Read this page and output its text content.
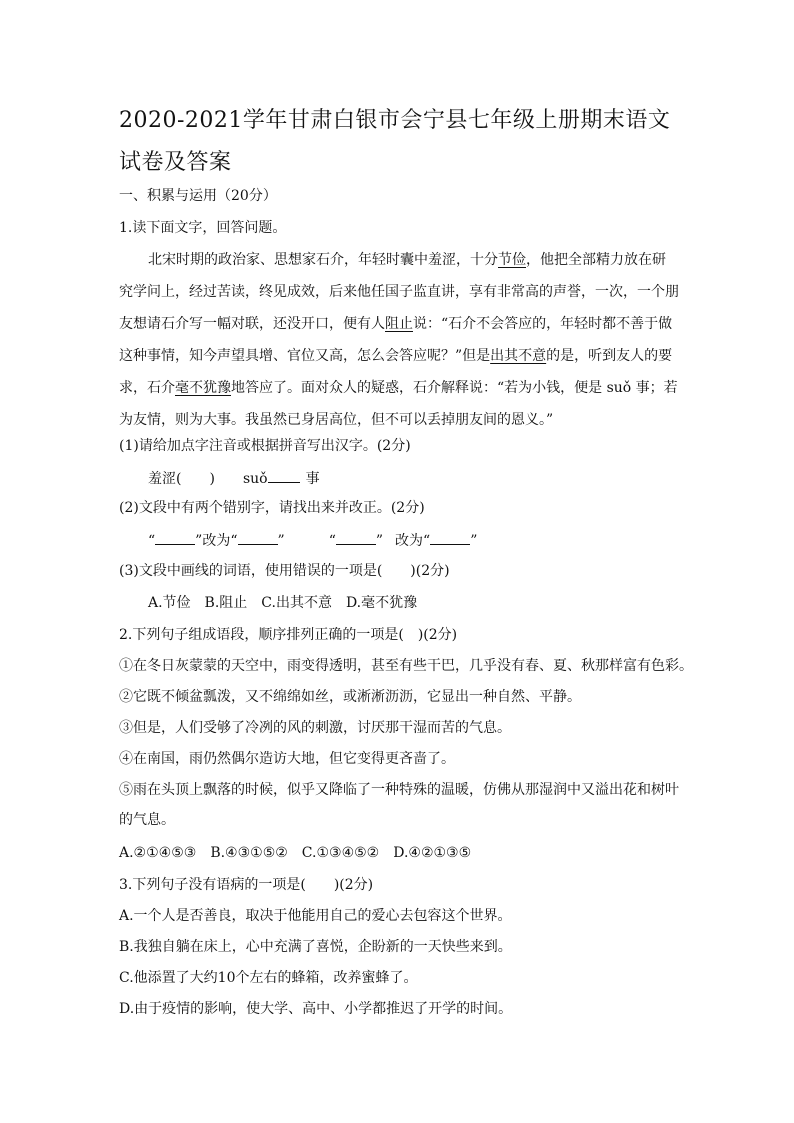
2020-2021学年甘肃白银市会宁县七年级上册期末语文试卷及答案
一、积累与运用（20分）
1.读下面文字，回答问题。
北宋时期的政治家、思想家石介，年轻时囊中羞涩，十分节俭，他把全部精力放在研究学问上，经过苦读，终见成效，后来他任国子监直讲，享有非常高的声誉，一次，一个朋友想请石介写一幅对联，还没开口，便有人阻止说：“石介不会答应的，年轻时都不善于做这种事情，知今声望具增、官位又高，怎么会答应呢？”但是出其不意的是，听到友人的要求，石介毫不犹豫地答应了。面对众人的疑惑，石介解释说：“若为小钱，便是 suǒ 事；若为友情，则为大事。我虽然已身居高位，但不可以丢掉朋友间的恩义。”
(1)请给加点字注音或根据拼音写出汉字。(2分)
羞涩(　　) suǒ	事
(2)文段中有两个错别字，请找出来并改正。(2分)
“	”改为“	”	“	” 改为“	”
(3)文段中画线的词语，使用错误的一项是(　　)(2分)
A.节俭　B.阻止　C.出其不意　D.毫不犹豫
2.下列句子组成语段，顺序排列正确的一项是(　)(2分)
①在冬日灰蒙蒙的天空中，雨变得透明，甚至有些干巴，几乎没有春、夏、秋那样富有色彩。
②它既不倾盆瓢泼，又不绵绵如丝，或淅淅沥沥，它显出一种自然、平静。
③但是，人们受够了冷冽的风的刺激，讨厌那干湿而苦的气息。
④在南国，雨仍然偶尔造访大地，但它变得更吝啬了。
⑤雨在头顶上飘落的时候，似乎又降临了一种特殊的温暖，仿佛从那湿润中又溢出花和树叶
的气息。
A.②①④⑤③　B.④③①⑤②　C.①③④⑤②　D.④②①③⑤
3.下列句子没有语病的一项是(　　)(2分)
A.一个人是否善良，取决于他能用自己的爱心去包容这个世界。
B.我独自躺在床上，心中充满了喜悦，企盼新的一天快些来到。
C.他添置了大约10个左右的蜂箱，改养蜜蜂了。
D.由于疫情的影响，使大学、高中、小学都推迟了开学的时间。
